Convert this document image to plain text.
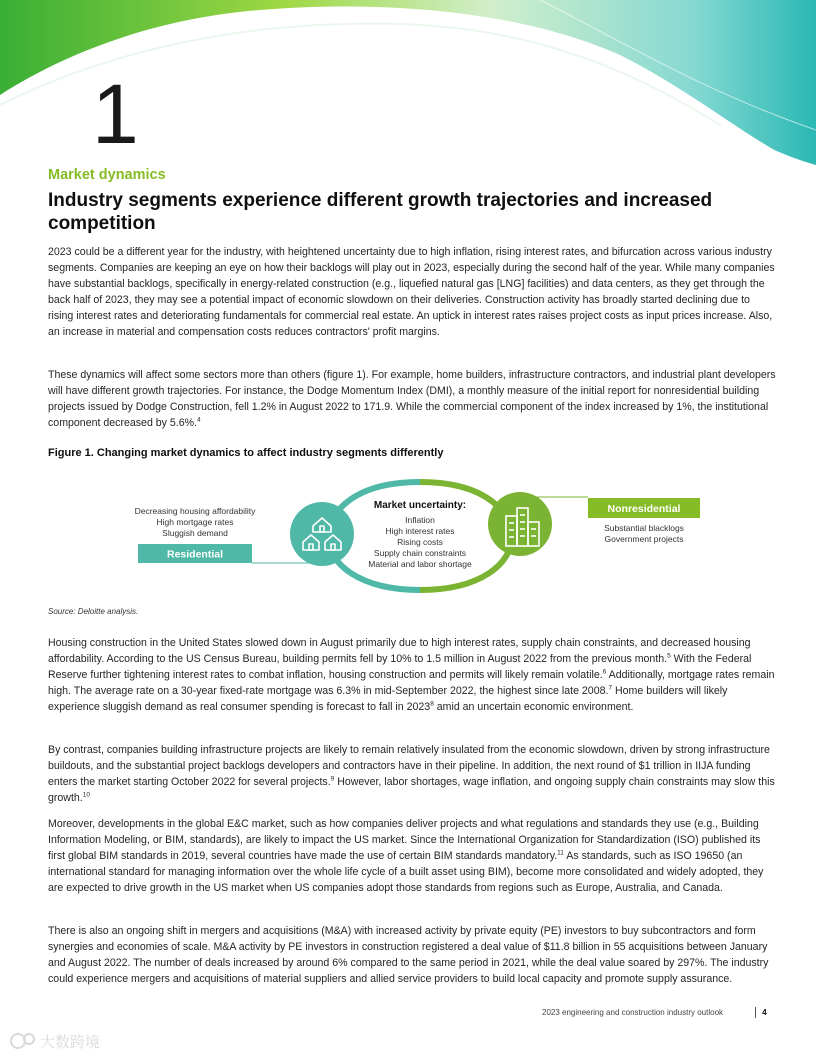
1
Market dynamics
Industry segments experience different growth trajectories and increased competition

2023 could be a different year for the industry, with heightened uncertainty due to high inflation, rising interest rates, and bifurcation across various industry segments. Companies are keeping an eye on how their backlogs will play out in 2023, especially during the second half of the year. While many companies have substantial backlogs, specifically in energy-related construction (e.g., liquefied natural gas [LNG] facilities) and data centers, as they get through the back half of 2023, they may see a potential impact of economic slowdown on their deliveries. Construction activity has broadly started declining due to rising interest rates and deteriorating fundamentals for commercial real estate. An uptick in interest rates raises project costs as input prices increase. Also, an increase in material and compensation costs reduces contractors' profit margins.

These dynamics will affect some sectors more than others (figure 1). For example, home builders, infrastructure contractors, and industrial plant developers will have different growth trajectories. For instance, the Dodge Momentum Index (DMI), a monthly measure of the initial report for nonresidential building projects issued by Dodge Construction, fell 1.2% in August 2022 to 171.9. While the commercial component of the index increased by 1%, the institutional component decreased by 5.6%.$^4$

Figure 1. Changing market dynamics to affect industry segments differently
Residential
Decreasing housing affordability
High mortgage rates
Sluggish demand
Market uncertainty:
Inflation
High interest rates
Rising costs
Supply chain constraints
Material and labor shortage
Nonresidential
Substantial blacklogs
Government projects
Source: Deloitte analysis.

Housing construction in the United States slowed down in August primarily due to high interest rates, supply chain constraints, and decreased housing affordability. According to the US Census Bureau, building permits fell by 10% to 1.5 million in August 2022 from the previous month.$^5$ With the Federal Reserve further tightening interest rates to combat inflation, housing construction and permits will likely remain volatile.$^6$ Additionally, mortgage rates remain high. The average rate on a 30-year fixed-rate mortgage was 6.3% in mid-September 2022, the highest since late 2008.$^7$ Home builders will likely experience sluggish demand as real consumer spending is forecast to fall in 2023$^8$ amid an uncertain economic environment.

By contrast, companies building infrastructure projects are likely to remain relatively insulated from the economic slowdown, driven by strong infrastructure buildouts, and the substantial project backlogs developers and contractors have in their pipeline. In addition, the next round of $1 trillion in IIJA funding enters the market starting October 2022 for several projects.$^9$ However, labor shortages, wage inflation, and ongoing supply chain constraints may slow this growth.$^{10}$

Moreover, developments in the global E&C market, such as how companies deliver projects and what regulations and standards they use (e.g., Building Information Modeling, or BIM, standards), are likely to impact the US market. Since the International Organization for Standardization (ISO) published its first global BIM standards in 2019, several countries have made the use of certain BIM standards mandatory.$^{11}$ As standards, such as ISO 19650 (an international standard for managing information over the whole life cycle of a built asset using BIM), become more consolidated and widely adopted, they are expected to drive growth in the US market when US companies adopt those standards from regions such as Europe, Australia, and Canada.

There is also an ongoing shift in mergers and acquisitions (M&A) with increased activity by private equity (PE) investors to buy subcontractors and form synergies and economies of scale. M&A activity by PE investors in construction registered a deal value of $11.8 billion in 55 acquisitions between January and August 2022. The number of deals increased by around 6% compared to the same period in 2021, while the deal value soared by 297%. The industry could experience mergers and acquisitions of material suppliers and allied service providers to build local capacity and promote supply assurance.

2023 engineering and construction industry outlook	4
大数跨境
